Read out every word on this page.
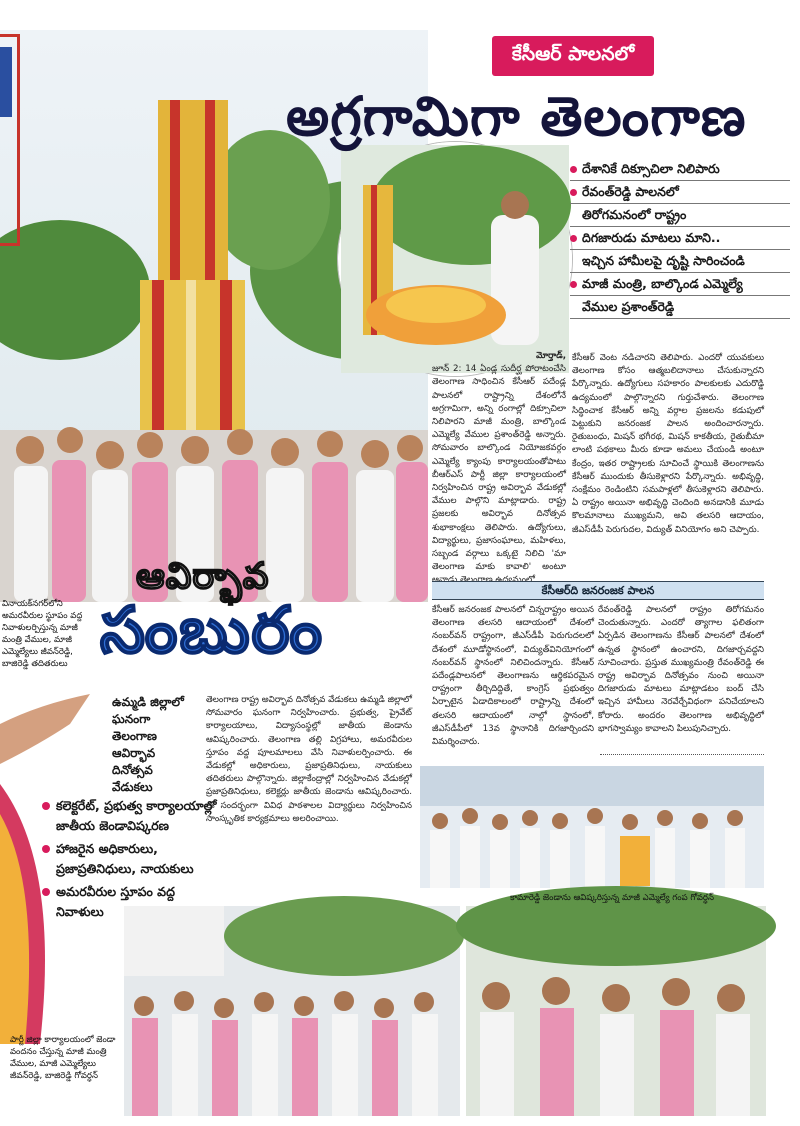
కేసీఆర్ పాలనలో
అగ్రగామిగా తెలంగాణ
దేశానికే దిక్సూచిలా నిలిపారు
రేవంత్‌రెడ్డి పాలనలో
తిరోగమనంలో రాష్ట్రం
దిగజారుడు మాటలు మాని..
ఇచ్చిన హామీలపై దృష్టి సారించండి
మాజీ మంత్రి, బాల్కొండ ఎమ్మెల్యే
వేముల ప్రశాంత్‌రెడ్డి
మోర్తాడ్,
జూన్ 2: 14 ఏండ్ల సుదీర్ఘ పోరాటంచేసి తెలంగాణ సాధించిన కేసీఆర్ పదేండ్ల పాలనలో రాష్ట్రాన్ని దేశంలోనే అగ్రగామిగా, అన్ని రంగాల్లో దిక్సూచిలా నిలిపారని మాజీ మంత్రి, బాల్కొండ ఎమ్మెల్యే వేముల ప్రశాంత్‌రెడ్డి అన్నారు. సోమవారం బాల్కొండ నియోజకవర్గం ఎమ్మెల్యే క్యాంపు కార్యాలయంతోపాటు బీఆర్‌ఎస్ పార్టీ జిల్లా కార్యాలయంలో నిర్వహించిన రాష్ట్ర అవిర్భావ వేడుకల్లో వేముల పాల్గొని మాట్లాడారు. రాష్ట్ర ప్రజలకు అవిర్భావ దినోత్సవ శుభాకాంక్షలు తెలిపారు. ఉద్యోగులు, విద్యార్థులు, ప్రజాసంఘాలు, మహిళలు, సబ్బండ వర్గాలు ఒక్కటై నిలిచి 'మా తెలంగాణ మాకు కావాలి' అంటూ
కేసీఆర్ వెంట నడిచారని తెలిపారు. ఎందరో యువకులు తెలంగాణ కోసం ఆత్మబలిదానాలు చేసుకున్నారని పేర్కొన్నారు. ఉద్యోగులు సహకారం పాలకులకు ఎదురొడ్డి ఉద్యమంలో పాల్గొన్నారని గుర్తుచేశారు. తెలంగాణ సిద్ధించాక కేసీఆర్ అన్ని వర్గాల ప్రజలను కడుపులో పెట్టుకుని జనరంజక పాలన అందించారన్నారు. రైతుబంధు, మిషన్ భగీరథ, మిషన్ కాకతీయ, రైతుబీమా లాంటి పథకాలు మీరు కూడా అమలు చేయండి అంటూ కేంద్రం, ఇతర రాష్ట్రాలకు సూచించే స్థాయికి తెలంగాణను కేసీఆర్ ముందుకు తీసుకెళ్లారని పేర్కొన్నారు. అభివృద్ధి, సంక్షేమం రెండింటిని సమపాళ్లలో తీసుకెళ్లారని తెలిపారు. ఏ రాష్ట్రం అయినా అభివృద్ధి చెందింది అనడానికి మూడు కొలమానాలు ముఖ్యమని, అవి తలసరి ఆదాయం, జీఎస్‌డీపీ పెరుగుదల, విద్యుత్ వినియోగం అని చెప్పారు.
కేసీఆర్‌ది జనరంజక పాలన
కేసీఆర్ జనరంజక పాలనలో చిన్నరాష్ట్రం అయిన తెలంగాణ తలసరి ఆదాయంలో దేశంలో నంబర్‌వన్ రాష్ట్రంగా, జీఎస్‌డీపీ పెరుగుదలలో దేశంలో మూడోస్థానంలో, విద్యుత్‌వినియోగంలో నంబర్‌వన్ స్థానంలో నిలిచిందన్నారు. కేసీఆర్ పదేండ్లపాలనలో తెలంగాణను ఆర్థికపరమైన రాష్ట్రంగా తీర్చిదిద్దితే, కాంగ్రెస్ ప్రభుత్వం ఏర్పాటైన ఏడాదికాలంలో రాష్ట్రాన్ని దేశంలో తలసరి ఆదాయంలో నాల్గో స్థానంలో, జీఎస్‌డీపీలో 13వ స్థానానికి దిగజార్చిందని విమర్శించారు.
రేవంత్‌రెడ్డి పాలనలో రాష్ట్రం తిరోగమనం చెందుతున్నారు. ఎందరో త్యాగాల ఫలితంగా ఏర్పడిన తెలంగాణను కేసీఆర్ పాలనలో దేశంలో ఉన్నత స్థానంలో ఉంచారని, దిగజార్చవద్దని సూచించారు. ప్రస్తుత ముఖ్యమంత్రి రేవంత్‌రెడ్డి ఈ రాష్ట్ర అవిర్భావ దినోత్సవం నుంచి అయినా దిగజారుడు మాటలు మాట్లాడటం బంద్ చేసి ఇచ్చిన హామీలు నెరవేర్చేవిధంగా పనిచేయాలని కోరారు. అందరం తెలంగాణ అభివృద్ధిలో భాగస్వామ్యం కావాలని పిలుపునిచ్చారు.
ఆవిర్భావ
సంబురం
వినాయక్‌నగర్‌లోని అమరవీరుల స్థూపం వద్ద నివాళులర్పిస్తున్న మాజీ మంత్రి వేముల, మాజీ ఎమ్మెల్యేలు జీవన్‌రెడ్డి, బాజిరెడ్డి తదితరులు
ఉమ్మడి జిల్లాలో ఘనంగా తెలంగాణ ఆవిర్భావ దినోత్సవ వేడుకలు
తెలంగాణ రాష్ట్ర అవిర్భావ దినోత్సవ వేడుకలు ఉమ్మడి జిల్లాలో సోమవారం ఘనంగా నిర్వహించారు. ప్రభుత్వ, ప్రైవేట్ కార్యాలయాలు, విద్యాసంస్థల్లో జాతీయ జెండాను ఆవిష్కరించారు. తెలంగాణ తల్లి విగ్రహాలు, అమరవీరుల స్తూపం వద్ద పూలమాలలు వేసి నివాళులర్పించారు. ఈ వేడుకల్లో అధికారులు, ప్రజాప్రతినిధులు, నాయకులు తదితరులు పాల్గొన్నారు. జిల్లాకేంద్రాల్లో నిర్వహించిన వేడుకల్లో ప్రజాప్రతినిధులు, కలెక్టర్లు జాతీయ జెండాను ఆవిష్కరించారు. ఈ సందర్భంగా వివిధ పాఠశాలల విద్యార్థులు నిర్వహించిన సాంస్కృతిక కార్యక్రమాలు అలరించాయి.
కలెక్టరేట్, ప్రభుత్వ కార్యాలయాల్లో జాతీయ జెండావిష్కరణ
హాజరైన అధికారులు, ప్రజాప్రతినిధులు, నాయకులు
అమరవీరుల స్తూపం వద్ద నివాళులు
కామారెడ్డి జెండాను ఆవిష్కరిస్తున్న మాజీ ఎమ్మెల్యే గంప గోవర్ధన్
పార్టీ జిల్లా కార్యాలయంలో జెండా వందనం చేస్తున్న మాజీ మంత్రి వేముల, మాజీ ఎమ్మెల్యేలు జీవన్‌రెడ్డి, బాజిరెడ్డి గోవర్ధన్
